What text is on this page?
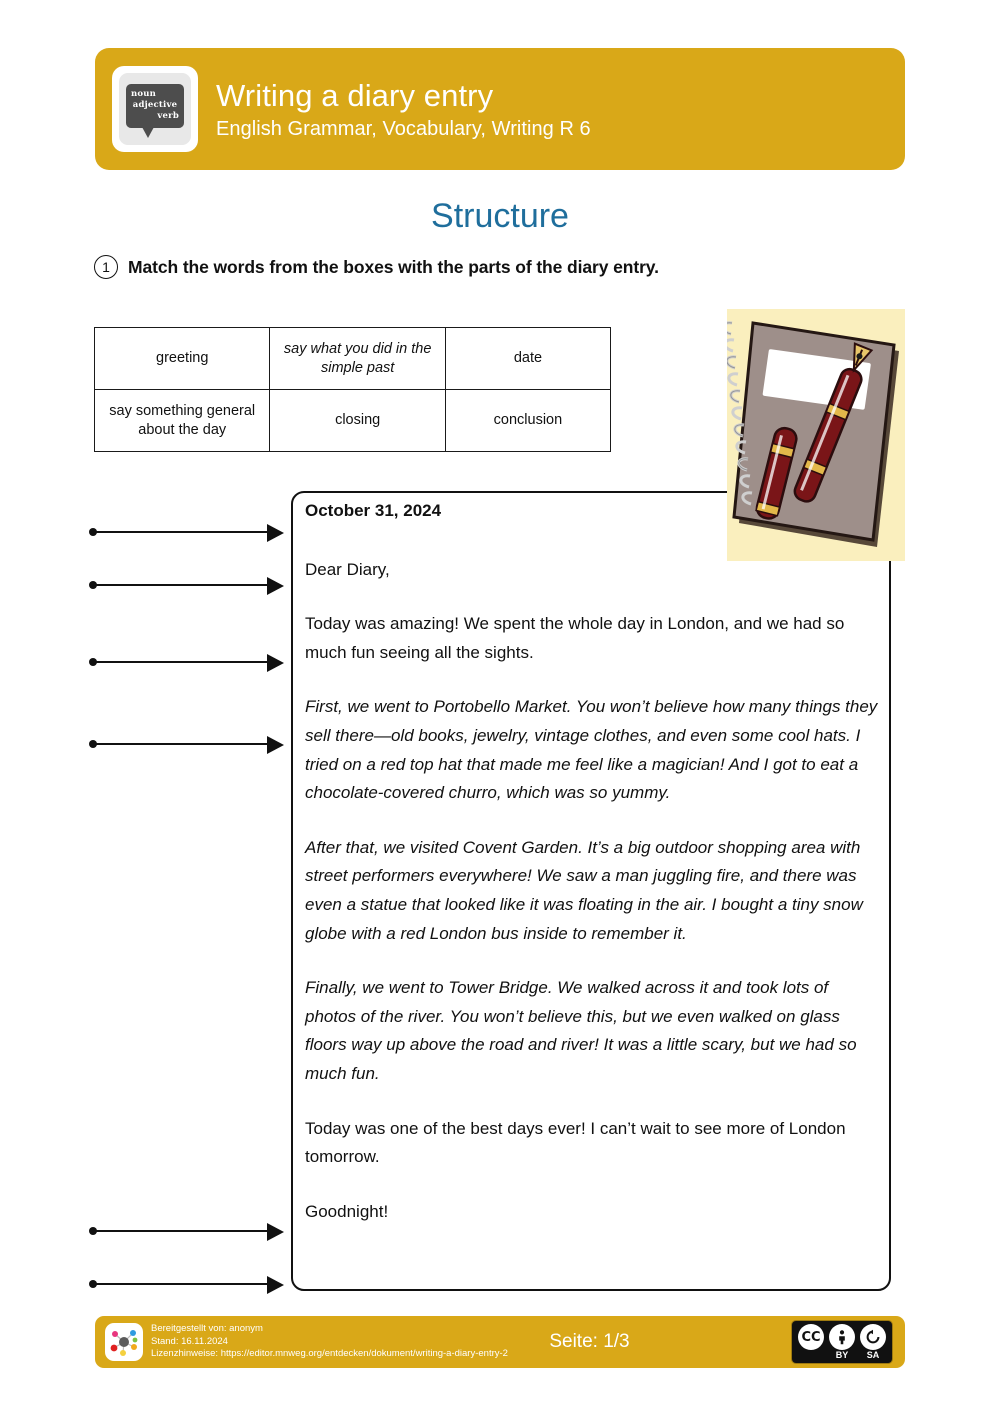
noun
adjective
verb
Writing a diary entry
English Grammar, Vocabulary, Writing R 6
Structure
1	Match the words from the boxes with the parts of the diary entry.
greeting	say what you did in the simple past	date
say something general about the day	closing	conclusion

October 31, 2024

Dear Diary,

Today was amazing! We spent the whole day in London, and we had so much fun seeing all the sights.

First, we went to Portobello Market. You won’t believe how many things they sell there—old books, jewelry, vintage clothes, and even some cool hats. I tried on a red top hat that made me feel like a magician! And I got to eat a chocolate-covered churro, which was so yummy.

After that, we visited Covent Garden. It’s a big outdoor shopping area with street performers everywhere! We saw a man juggling fire, and there was even a statue that looked like it was floating in the air. I bought a tiny snow globe with a red London bus inside to remember it.

Finally, we went to Tower Bridge. We walked across it and took lots of photos of the river. You won’t believe this, but we even walked on glass floors way up above the road and river! It was a little scary, but we had so much fun.

Today was one of the best days ever! I can’t wait to see more of London tomorrow.

Goodnight!

Bereitgestellt von: anonym
Stand: 16.11.2024
Lizenzhinweise: https://editor.mnweg.org/entdecken/dokument/writing-a-diary-entry-2
Seite: 1/3	CC
BY SA
